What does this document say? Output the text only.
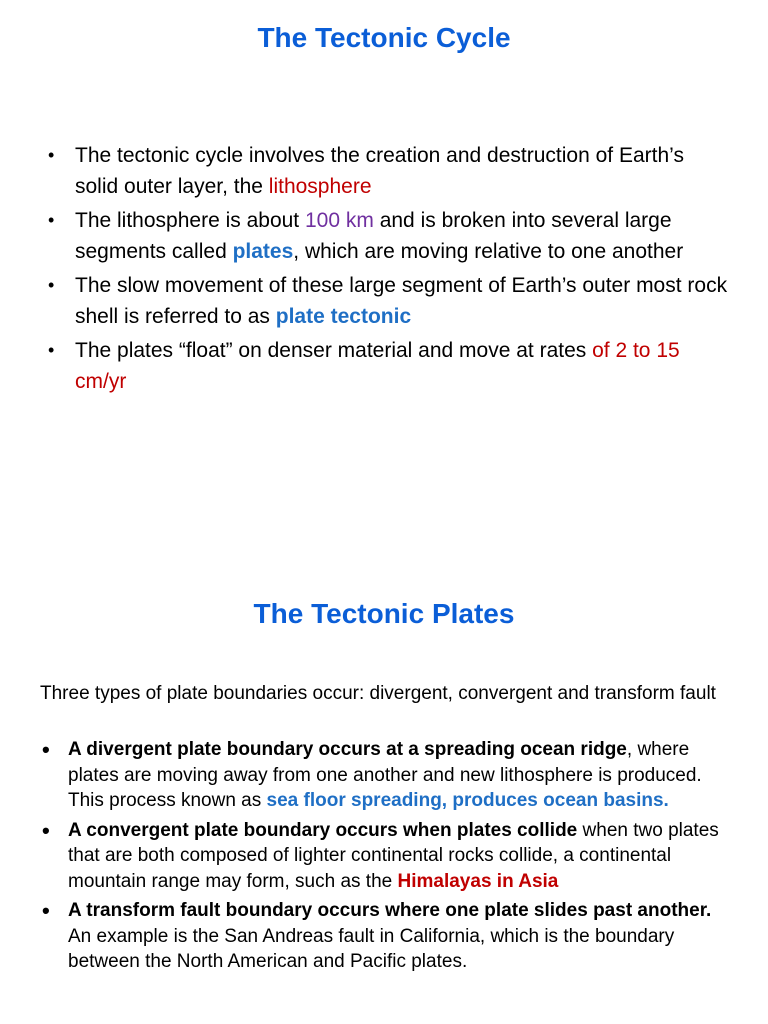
The Tectonic Cycle
• The tectonic cycle involves the creation and destruction of Earth’s solid outer layer, the lithosphere
• The lithosphere is about 100 km and is broken into several large segments called plates, which are moving relative to one another
• The slow movement of these large segment of Earth’s outer most rock shell is referred to as plate tectonic
• The plates “float” on denser material and move at rates of 2 to 15 cm/yr
The Tectonic Plates

Three types of plate boundaries occur: divergent, convergent and transform fault

• A divergent plate boundary occurs at a spreading ocean ridge, where plates are moving away from one another and new lithosphere is produced. This process known as sea floor spreading, produces ocean basins.
• A convergent plate boundary occurs when plates collide when two plates that are both composed of lighter continental rocks collide, a continental mountain range may form, such as the Himalayas in Asia
• A transform fault boundary occurs where one plate slides past another. An example is the San Andreas fault in California, which is the boundary between the North American and Pacific plates.
